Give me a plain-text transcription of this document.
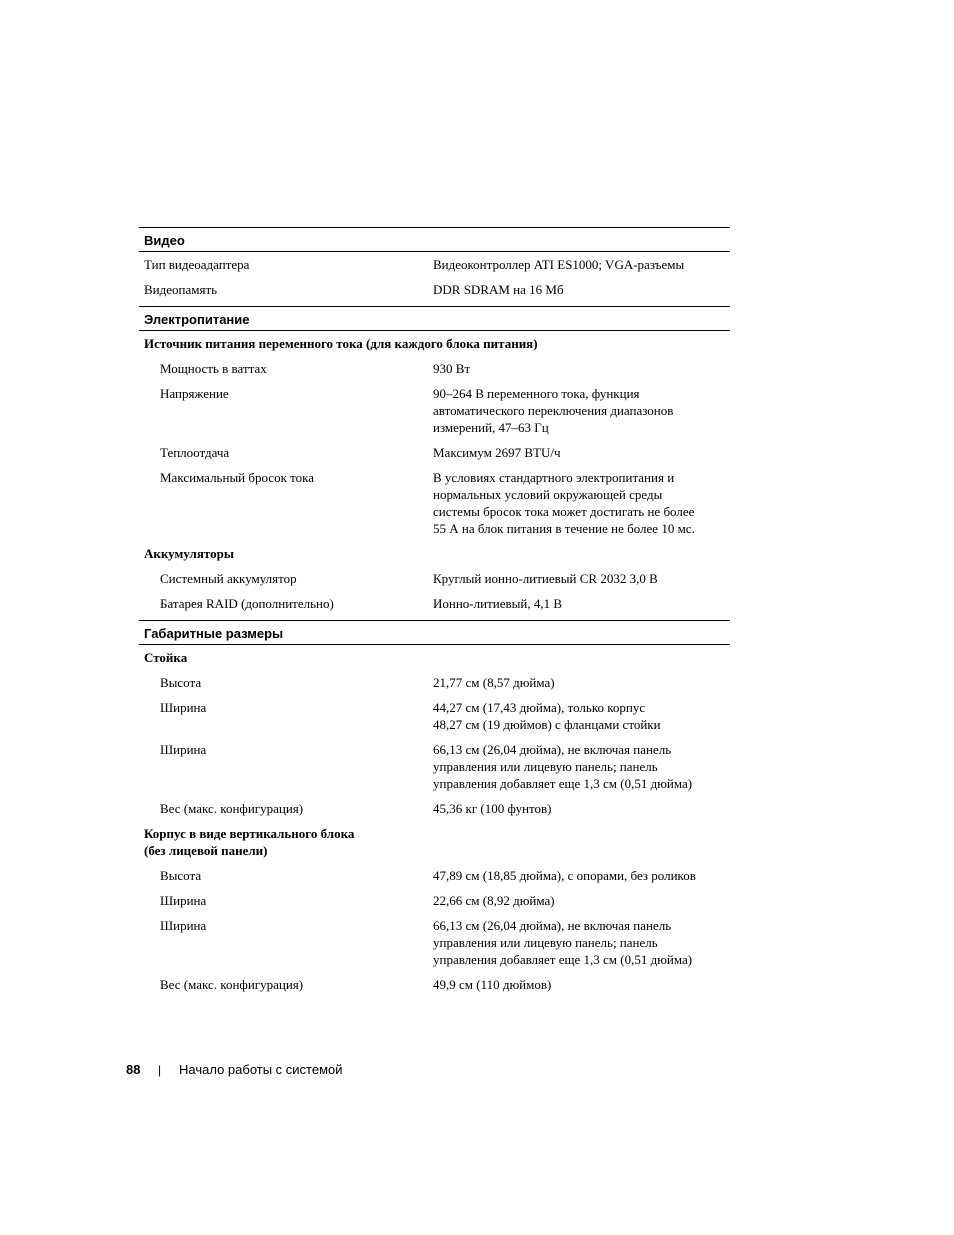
Видео
Тип видеоадаптера	Видеоконтроллер ATI ES1000; VGA-разъемы
Видеопамять	DDR SDRAM на 16 Мб
Электропитание
Источник питания переменного тока (для каждого блока питания)
Мощность в ваттах	930 Вт
Напряжение	90–264 В переменного тока, функция
автоматического переключения диапазонов
измерений, 47–63 Гц
Теплоотдача	Максимум 2697 BTU/ч
Максимальный бросок тока	В условиях стандартного электропитания и
нормальных условий окружающей среды
системы бросок тока может достигать не более
55 А на блок питания в течение не более 10 мс.
Аккумуляторы
Системный аккумулятор	Круглый ионно-литиевый CR 2032 3,0 В
Батарея RAID (дополнительно)	Ионно-литиевый, 4,1 В
Габаритные размеры
Стойка
Высота	21,77 см (8,57 дюйма)
Ширина	44,27 см (17,43 дюйма), только корпус
48,27 см (19 дюймов) с фланцами стойки
Ширина	66,13 см (26,04 дюйма), не включая панель
управления или лицевую панель; панель
управления добавляет еще 1,3 см (0,51 дюйма)
Вес (макс. конфигурация)	45,36 кг (100 фунтов)
Корпус в виде вертикального блока
(без лицевой панели)
Высота	47,89 см (18,85 дюйма), с опорами, без роликов
Ширина	22,66 см (8,92 дюйма)
Ширина	66,13 см (26,04 дюйма), не включая панель
управления или лицевую панель; панель
управления добавляет еще 1,3 см (0,51 дюйма)
Вес (макс. конфигурация)	49,9 см (110 дюймов)
88	|	Начало работы с системой
